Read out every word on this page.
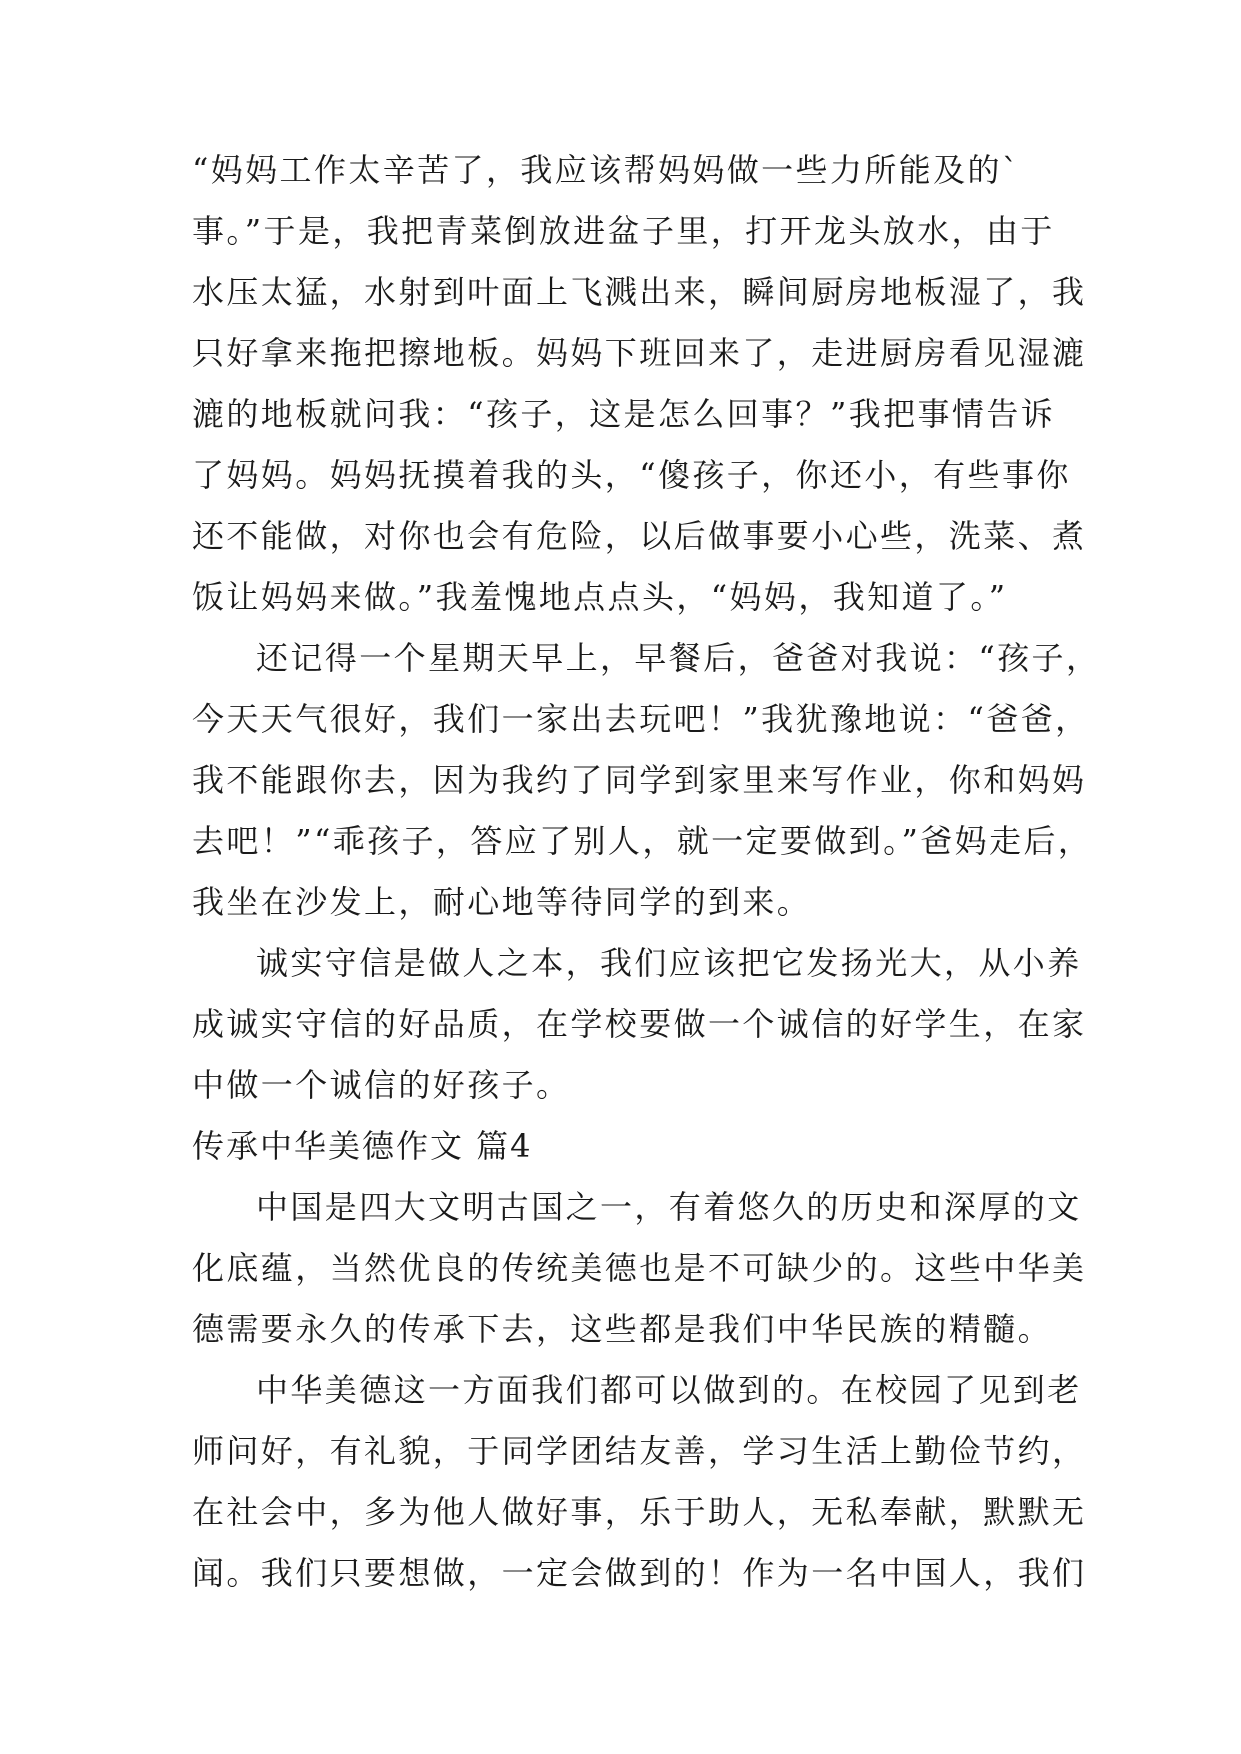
“妈妈工作太辛苦了，我应该帮妈妈做一些力所能及的`
事。”于是，我把青菜倒放进盆子里，打开龙头放水，由于
水压太猛，水射到叶面上飞溅出来，瞬间厨房地板湿了，我
只好拿来拖把擦地板。妈妈下班回来了，走进厨房看见湿漉
漉的地板就问我：“孩子，这是怎么回事？”我把事情告诉
了妈妈。妈妈抚摸着我的头，“傻孩子，你还小，有些事你
还不能做，对你也会有危险，以后做事要小心些，洗菜、煮
饭让妈妈来做。”我羞愧地点点头，“妈妈，我知道了。”
还记得一个星期天早上，早餐后，爸爸对我说：“孩子，
今天天气很好，我们一家出去玩吧！”我犹豫地说：“爸爸，
我不能跟你去，因为我约了同学到家里来写作业，你和妈妈
去吧！”“乖孩子，答应了别人，就一定要做到。”爸妈走后，
我坐在沙发上，耐心地等待同学的到来。
诚实守信是做人之本，我们应该把它发扬光大，从小养
成诚实守信的好品质，在学校要做一个诚信的好学生，在家
中做一个诚信的好孩子。
传承中华美德作文 篇4
中国是四大文明古国之一，有着悠久的历史和深厚的文
化底蕴，当然优良的传统美德也是不可缺少的。这些中华美
德需要永久的传承下去，这些都是我们中华民族的精髓。
中华美德这一方面我们都可以做到的。在校园了见到老
师问好，有礼貌，于同学团结友善，学习生活上勤俭节约，
在社会中，多为他人做好事，乐于助人，无私奉献，默默无
闻。我们只要想做，一定会做到的！作为一名中国人，我们
